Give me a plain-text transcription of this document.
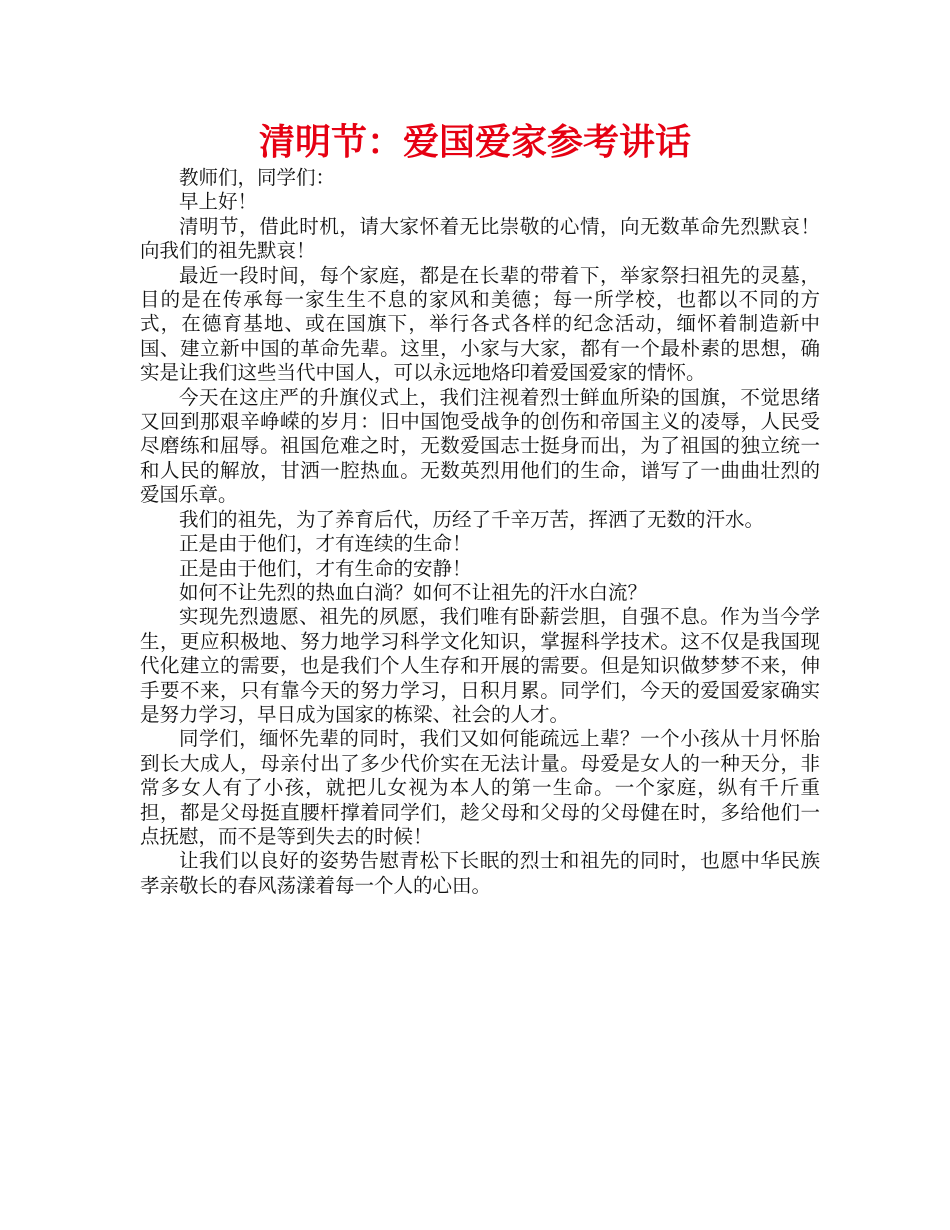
清明节：爱国爱家参考讲话

教师们，同学们：

早上好！

清明节，借此时机，请大家怀着无比崇敬的心情，向无数革命先烈默哀！向我们的祖先默哀！

最近一段时间，每个家庭，都是在长辈的带着下，举家祭扫祖先的灵墓，目的是在传承每一家生生不息的家风和美德；每一所学校，也都以不同的方式，在德育基地、或在国旗下，举行各式各样的纪念活动，缅怀着制造新中国、建立新中国的革命先辈。这里，小家与大家，都有一个最朴素的思想，确实是让我们这些当代中国人，可以永远地烙印着爱国爱家的情怀。

今天在这庄严的升旗仪式上，我们注视着烈士鲜血所染的国旗，不觉思绪又回到那艰辛峥嵘的岁月：旧中国饱受战争的创伤和帝国主义的凌辱，人民受尽磨练和屈辱。祖国危难之时，无数爱国志士挺身而出，为了祖国的独立统一和人民的解放，甘洒一腔热血。无数英烈用他们的生命，谱写了一曲曲壮烈的爱国乐章。

我们的祖先，为了养育后代，历经了千辛万苦，挥洒了无数的汗水。

正是由于他们，才有连续的生命！

正是由于他们，才有生命的安静！

如何不让先烈的热血白淌？如何不让祖先的汗水白流？

实现先烈遗愿、祖先的夙愿，我们唯有卧薪尝胆，自强不息。作为当今学生，更应积极地、努力地学习科学文化知识，掌握科学技术。这不仅是我国现代化建立的需要，也是我们个人生存和开展的需要。但是知识做梦梦不来，伸手要不来，只有靠今天的努力学习，日积月累。同学们，今天的爱国爱家确实是努力学习，早日成为国家的栋梁、社会的人才。

同学们，缅怀先辈的同时，我们又如何能疏远上辈？一个小孩从十月怀胎到长大成人，母亲付出了多少代价实在无法计量。母爱是女人的一种天分，非常多女人有了小孩，就把儿女视为本人的第一生命。一个家庭，纵有千斤重担，都是父母挺直腰杆撑着同学们，趁父母和父母的父母健在时，多给他们一点抚慰，而不是等到失去的时候！

让我们以良好的姿势告慰青松下长眠的烈士和祖先的同时，也愿中华民族孝亲敬长的春风荡漾着每一个人的心田。
